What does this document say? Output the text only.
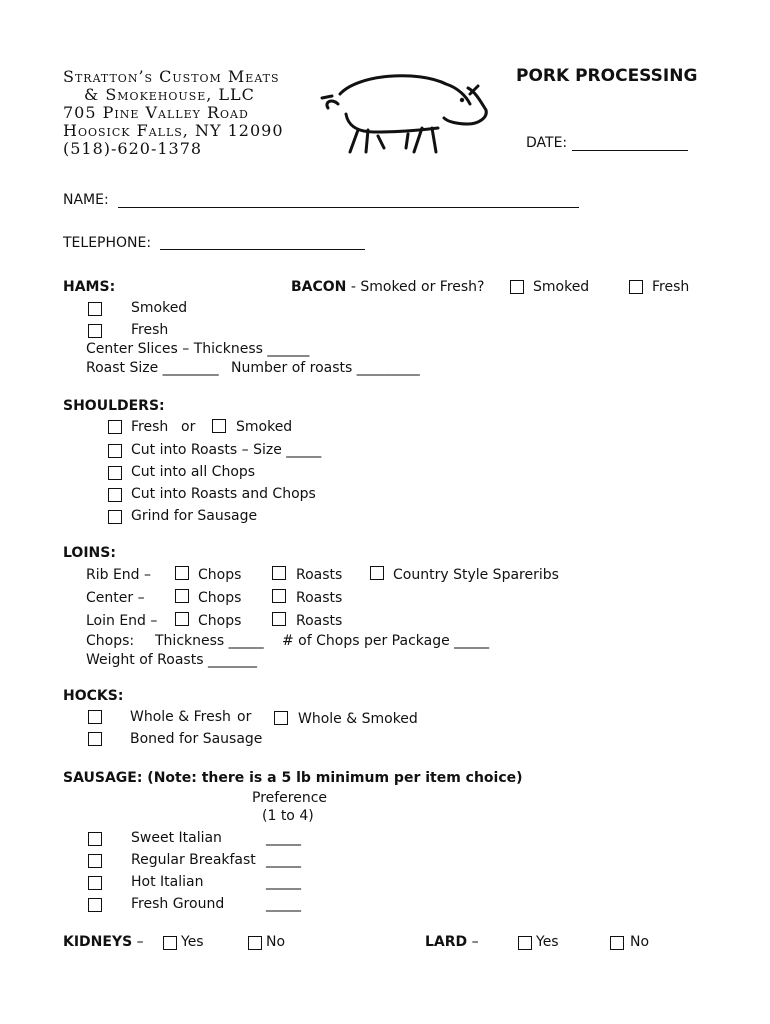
Stratton’s Custom Meats
& Smokehouse, LLC
705 Pine Valley Road
Hoosick Falls, NY 12090
(518)-620-1378
PORK PROCESSING
DATE:
NAME:
TELEPHONE:
HAMS:
Smoked
Fresh
Center Slices – Thickness ______
Roast Size ________ Number of roasts _________
BACON - Smoked or Fresh?	Smoked	Fresh
SHOULDERS:
Fresh or	Smoked
Cut into Roasts – Size _____
Cut into all Chops
Cut into Roasts and Chops
Grind for Sausage
LOINS:
Rib End –	Chops	Roasts	Country Style Spareribs
Center –	Chops	Roasts
Loin End –	Chops	Roasts
Chops: Thickness _____ # of Chops per Package _____
Weight of Roasts _______
HOCKS:
Whole & Fresh or	Whole & Smoked
Boned for Sausage
SAUSAGE: (Note: there is a 5 lb minimum per item choice)
Preference
(1 to 4)
Sweet Italian	_____
Regular Breakfast _____
Hot Italian	_____
Fresh Ground	_____
KIDNEYS –	Yes	No	LARD –	Yes	No
